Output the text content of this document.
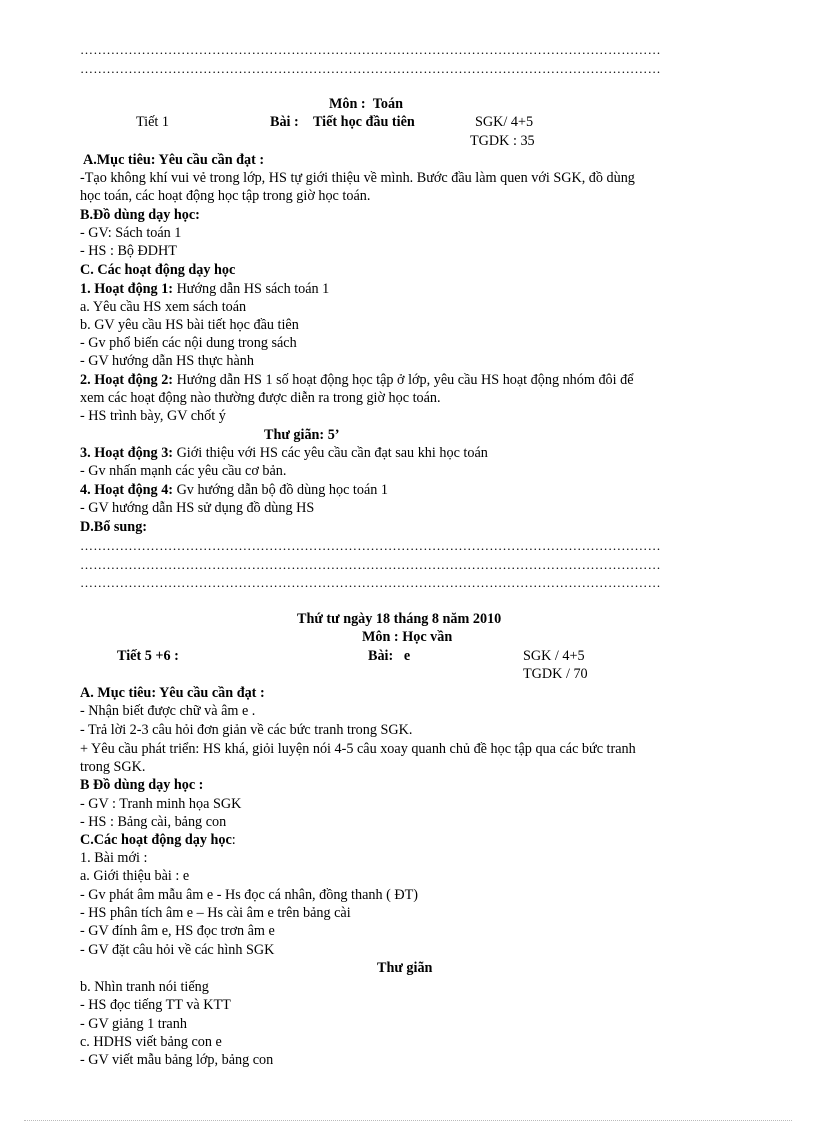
……………………………………………………………………………………………………………………
……………………………………………………………………………………………………………………
Môn : Toán
Tiết 1	Bài : Tiết học đầu tiên	SGK/ 4+5
TGDK : 35
A.Mục tiêu: Yêu cầu cần đạt :
-Tạo không khí vui vẻ trong lớp, HS tự giới thiệu về mình. Bước đầu làm quen với SGK, đồ dùng
học toán, các hoạt động học tập trong giờ học toán.
B.Đồ dùng dạy học:
- GV: Sách toán 1
- HS : Bộ ĐDHT
C. Các hoạt động dạy học
1. Hoạt động 1: Hướng dẫn HS sách toán 1
a. Yêu cầu HS xem sách toán
b. GV yêu cầu HS bài tiết học đầu tiên
- Gv phổ biến các nội dung trong sách
- GV hướng dẫn HS thực hành
2. Hoạt động 2: Hướng dẫn HS 1 số hoạt động học tập ở lớp, yêu cầu HS hoạt động nhóm đôi để
xem các hoạt động nào thường được diễn ra trong giờ học toán.
- HS trình bày, GV chốt ý
Thư giãn: 5’
3. Hoạt động 3: Giới thiệu với HS các yêu cầu cần đạt sau khi học toán
- Gv nhấn mạnh các yêu cầu cơ bản.
4. Hoạt động 4: Gv hướng dẫn bộ đồ dùng học toán 1
- GV hướng dẫn HS sử dụng đồ dùng HS
D.Bổ sung:
……………………………………………………………………………………………………………………
……………………………………………………………………………………………………………………
……………………………………………………………………………………………………………………
Thứ tư ngày 18 tháng 8 năm 2010
Môn : Học vần
Tiết 5 +6 :	Bài: e	SGK / 4+5
TGDK / 70
A. Mục tiêu: Yêu cầu cần đạt :
- Nhận biết được chữ và âm e .
- Trả lời 2-3 câu hỏi đơn giản về các bức tranh trong SGK.
+ Yêu cầu phát triển: HS khá, giỏi luyện nói 4-5 câu xoay quanh chủ đề học tập qua các bức tranh
trong SGK.
B Đồ dùng dạy học :
- GV : Tranh minh họa SGK
- HS : Bảng cài, bảng con
C.Các hoạt động dạy học:
1. Bài mới :
a. Giới thiệu bài : e
- Gv phát âm mẫu âm e - Hs đọc cá nhân, đồng thanh ( ĐT)
- HS phân tích âm e – Hs cài âm e trên bảng cài
- GV đính âm e, HS đọc trơn âm e
- GV đặt câu hỏi về các hình SGK
Thư giãn
b. Nhìn tranh nói tiếng
- HS đọc tiếng TT và KTT
- GV giảng 1 tranh
c. HDHS viết bảng con e
- GV viết mẫu bảng lớp, bảng con
